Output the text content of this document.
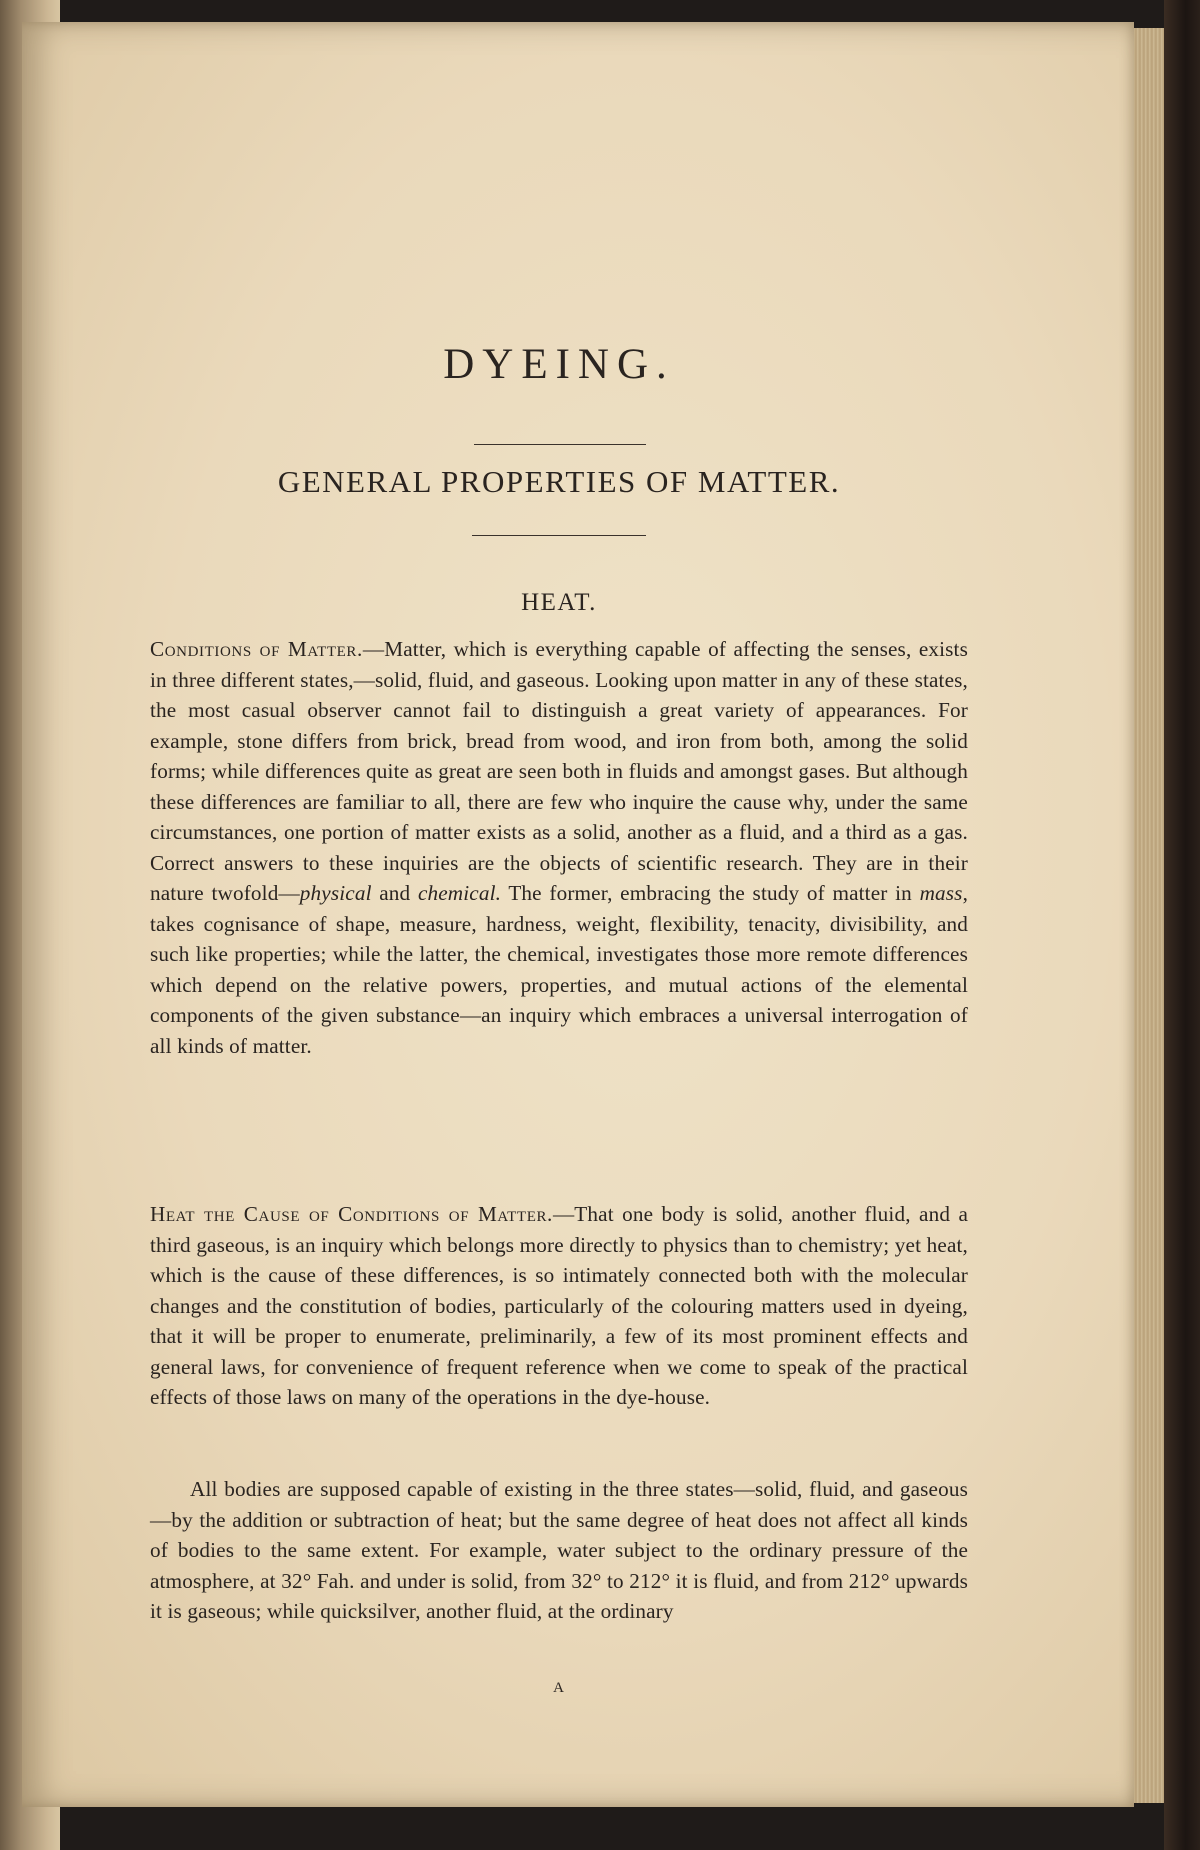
DYEING.
GENERAL PROPERTIES OF MATTER.
HEAT.

Conditions of Matter.—Matter, which is everything capable of affecting the senses, exists in three different states,—solid, fluid, and gaseous. Looking upon matter in any of these states, the most casual observer cannot fail to distinguish a great variety of appearances. For example, stone differs from brick, bread from wood, and iron from both, among the solid forms; while differences quite as great are seen both in fluids and amongst gases. But although these differences are familiar to all, there are few who inquire the cause why, under the same circumstances, one portion of matter exists as a solid, another as a fluid, and a third as a gas. Correct answers to these inquiries are the objects of scientific research. They are in their nature twofold—physical and chemical. The former, embracing the study of matter in mass, takes cognisance of shape, measure, hardness, weight, flexibility, tenacity, divisibility, and such like properties; while the latter, the chemical, investigates those more remote differences which depend on the relative powers, properties, and mutual actions of the elemental components of the given substance—an inquiry which embraces a universal interrogation of all kinds of matter.

Heat the Cause of Conditions of Matter.—That one body is solid, another fluid, and a third gaseous, is an inquiry which belongs more directly to physics than to chemistry; yet heat, which is the cause of these differences, is so intimately connected both with the molecular changes and the constitution of bodies, particularly of the colouring matters used in dyeing, that it will be proper to enumerate, preliminarily, a few of its most prominent effects and general laws, for convenience of frequent reference when we come to speak of the practical effects of those laws on many of the operations in the dye-house.

All bodies are supposed capable of existing in the three states—solid, fluid, and gaseous—by the addition or subtraction of heat; but the same degree of heat does not affect all kinds of bodies to the same extent. For example, water subject to the ordinary pressure of the atmosphere, at 32° Fah. and under is solid, from 32° to 212° it is fluid, and from 212° upwards it is gaseous; while quicksilver, another fluid, at the ordinary

A
